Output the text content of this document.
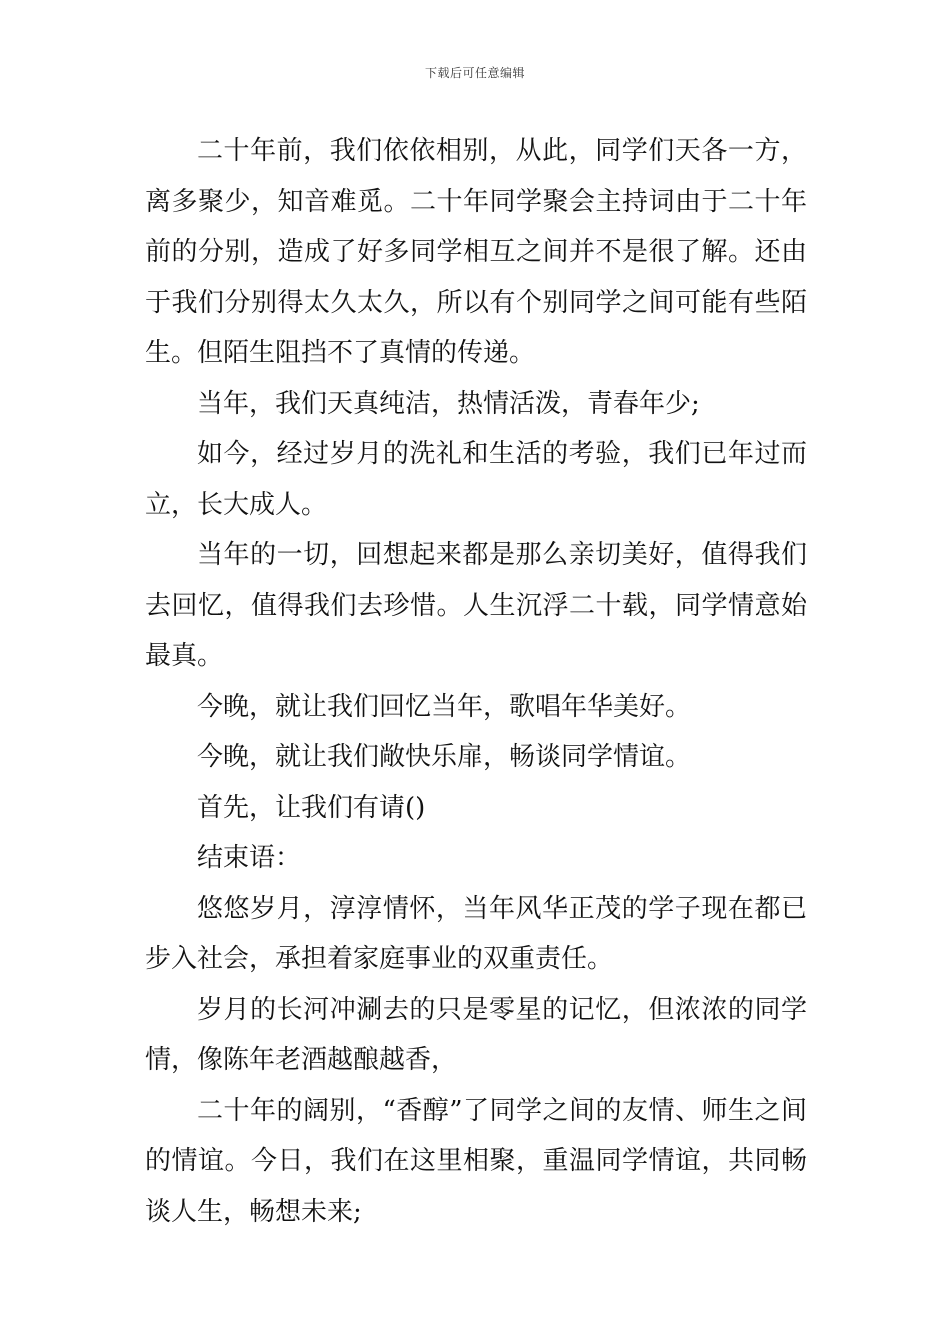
下载后可任意编辑

二十年前，我们依依相别，从此，同学们天各一方，离多聚少，知音难觅。二十年同学聚会主持词由于二十年前的分别，造成了好多同学相互之间并不是很了解。还由于我们分别得太久太久，所以有个别同学之间可能有些陌生。但陌生阻挡不了真情的传递。

当年，我们天真纯洁，热情活泼，青春年少;

如今，经过岁月的洗礼和生活的考验，我们已年过而立，长大成人。

当年的一切，回想起来都是那么亲切美好，值得我们去回忆，值得我们去珍惜。人生沉浮二十载，同学情意始最真。

今晚，就让我们回忆当年，歌唱年华美好。

今晚，就让我们敞快乐扉，畅谈同学情谊。

首先，让我们有请()

结束语：

悠悠岁月，淳淳情怀，当年风华正茂的学子现在都已步入社会，承担着家庭事业的双重责任。

岁月的长河冲涮去的只是零星的记忆，但浓浓的同学情，像陈年老酒越酿越香，

二十年的阔别，“香醇”了同学之间的友情、师生之间的情谊。今日，我们在这里相聚，重温同学情谊，共同畅谈人生，畅想未来;
